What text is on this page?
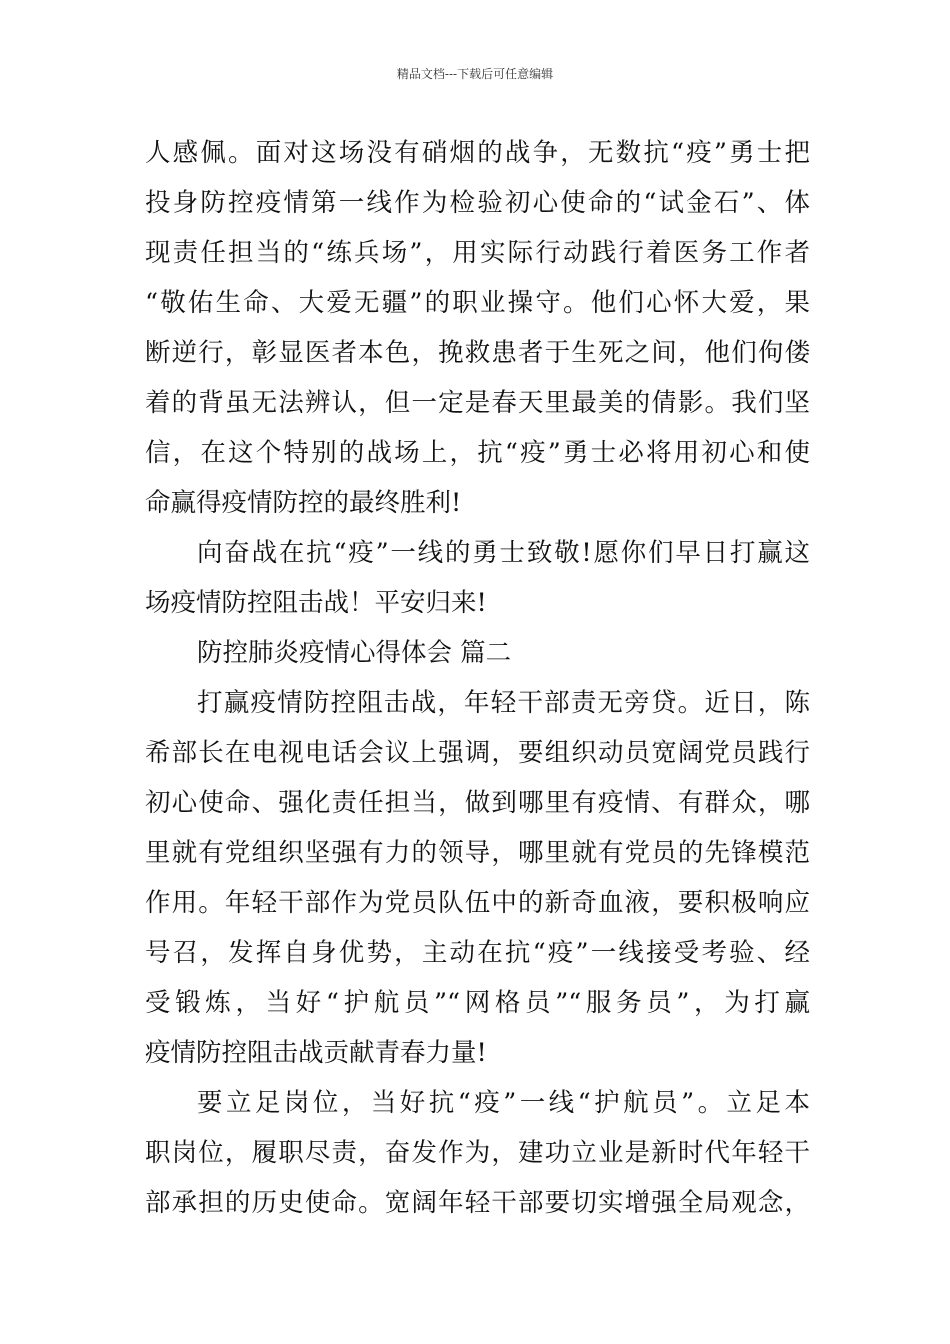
精品文档---下载后可任意编辑
人感佩。面对这场没有硝烟的战争，无数抗“疫”勇士把
投身防控疫情第一线作为检验初心使命的“试金石”、体
现责任担当的“练兵场”，用实际行动践行着医务工作者
“敬佑生命、大爱无疆”的职业操守。他们心怀大爱，果
断逆行，彰显医者本色，挽救患者于生死之间，他们佝偻
着的背虽无法辨认，但一定是春天里最美的倩影。我们坚
信，在这个特别的战场上，抗“疫”勇士必将用初心和使
命赢得疫情防控的最终胜利!
向奋战在抗“疫”一线的勇士致敬!愿你们早日打赢这
场疫情防控阻击战！平安归来!
防控肺炎疫情心得体会 篇二
打赢疫情防控阻击战，年轻干部责无旁贷。近日，陈
希部长在电视电话会议上强调，要组织动员宽阔党员践行
初心使命、强化责任担当，做到哪里有疫情、有群众，哪
里就有党组织坚强有力的领导，哪里就有党员的先锋模范
作用。年轻干部作为党员队伍中的新奇血液，要积极响应
号召，发挥自身优势，主动在抗“疫”一线接受考验、经
受锻炼，当好“护航员”“网格员”“服务员”，为打赢
疫情防控阻击战贡献青春力量!
要立足岗位，当好抗“疫”一线“护航员”。立足本
职岗位，履职尽责，奋发作为，建功立业是新时代年轻干
部承担的历史使命。宽阔年轻干部要切实增强全局观念，
